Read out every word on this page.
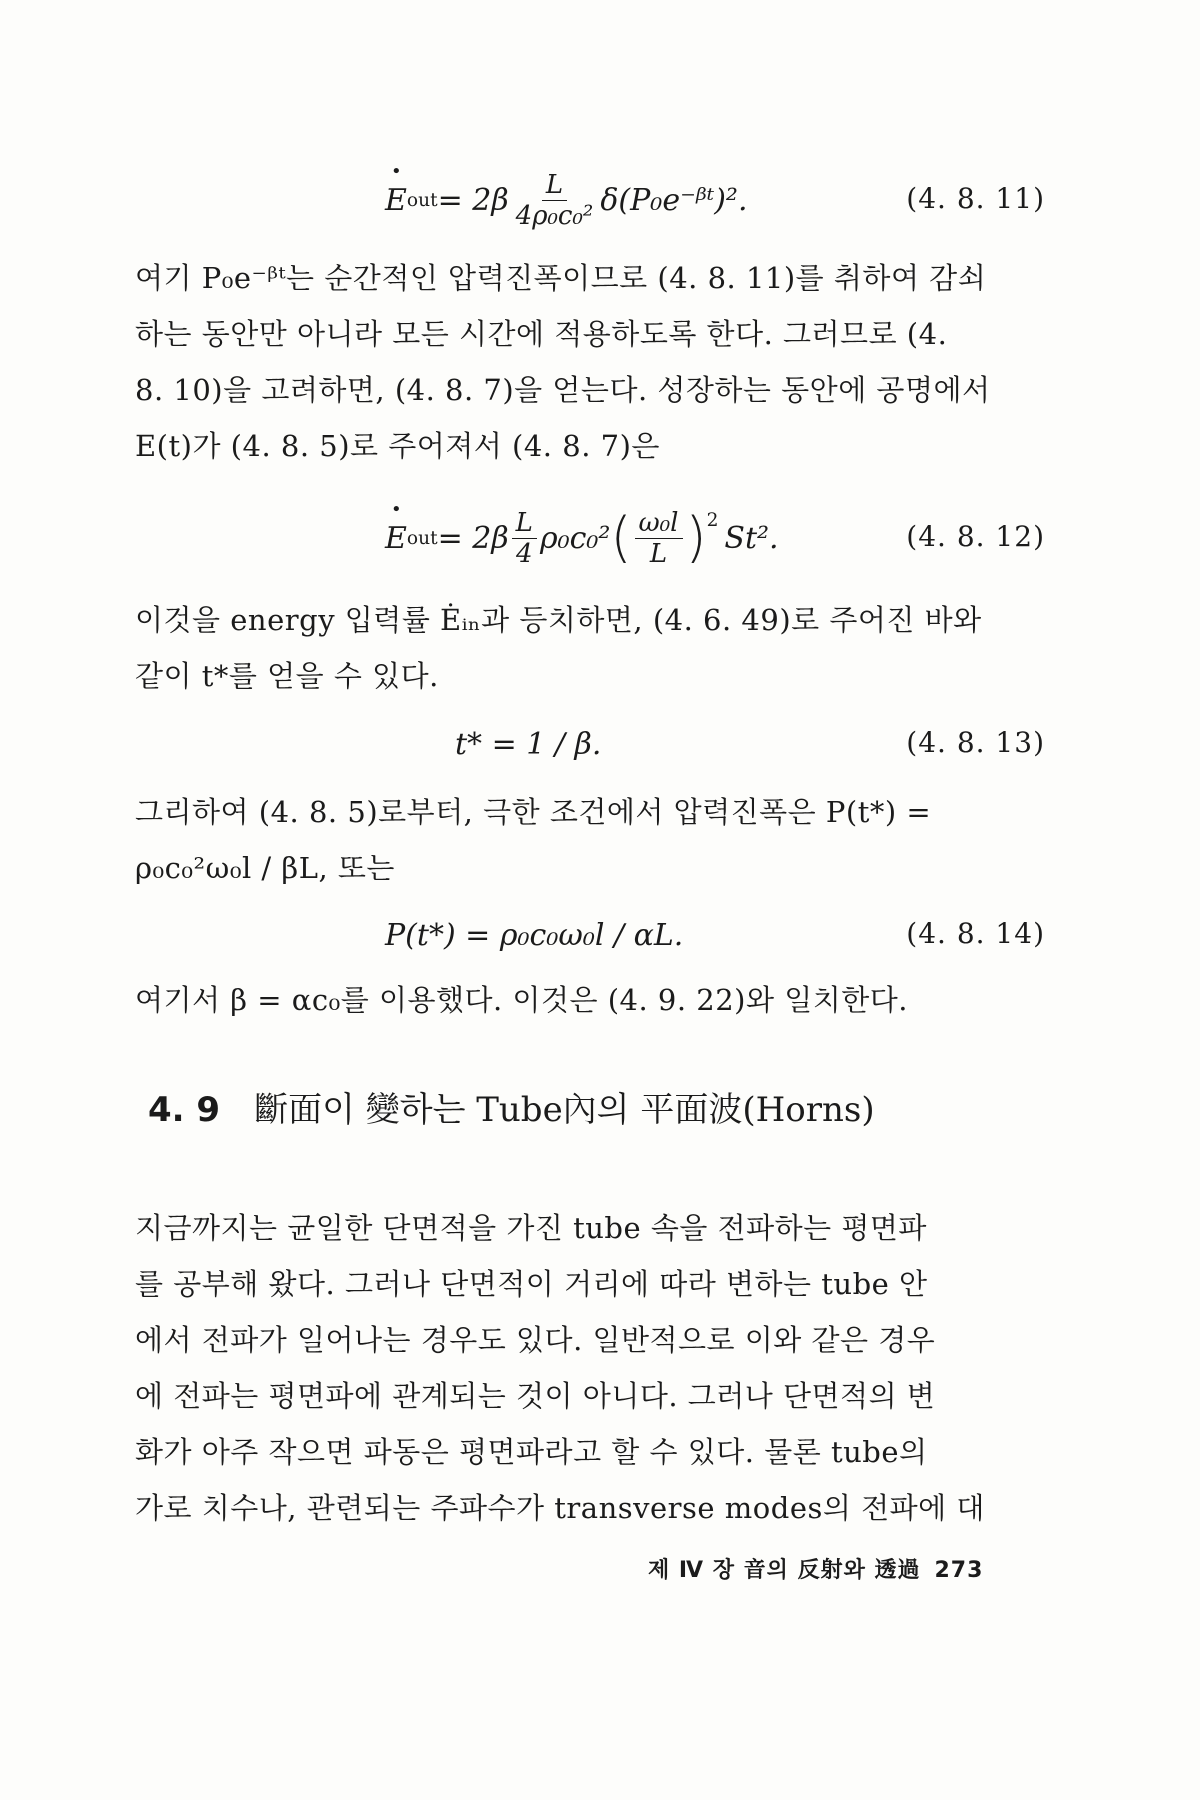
• E out = $2\beta \frac{L}{\text{4ρ₀c₀²}}$ δ(P₀e⁻ᵝᵗ)².	(4. 8. 11)
여기 P₀e⁻ᵝᵗ는 순간적인 압력진폭이므로 (4. 8. 11)를 취하여 감쇠
하는 동안만 아니라 모든 시간에 적용하도록 한다. 그러므로 (4.
8. 10)을 고려하면, (4. 8. 7)을 얻는다. 성장하는 동안에 공명에서
E(t)가 (4. 8. 5)로 주어져서 (4. 8. 7)은
• E out = $2\beta \frac{L}{4} \rho_0c_0^2$ ( $\frac{\text{ω₀l}}{L} )^2$
St².	(4. 8. 12)
이것을 energy 입력률 Ėᵢₙ과 등치하면, (4. 6. 49)로 주어진 바와
같이 t*를 얻을 수 있다.
t* = 1 / β.	(4. 8. 13)
그리하여 (4. 8. 5)로부터, 극한 조건에서 압력진폭은 P(t*) =
ρ₀c₀²ω₀l / βL, 또는
P(t*) = ρ₀c₀ω₀l / αL.	(4. 8. 14)
여기서 β = αc₀를 이용했다. 이것은 (4. 9. 22)와 일치한다.
4. 9 斷面이 變하는 Tube內의 平面波(Horns)
지금까지는 균일한 단면적을 가진 tube 속을 전파하는 평면파
를 공부해 왔다. 그러나 단면적이 거리에 따라 변하는 tube 안
에서 전파가 일어나는 경우도 있다. 일반적으로 이와 같은 경우
에 전파는 평면파에 관계되는 것이 아니다. 그러나 단면적의 변
화가 아주 작으면 파동은 평면파라고 할 수 있다. 물론 tube의
가로 치수나, 관련되는 주파수가 transverse modes의 전파에 대
제 Ⅳ 장 音의 反射와 透過 273
